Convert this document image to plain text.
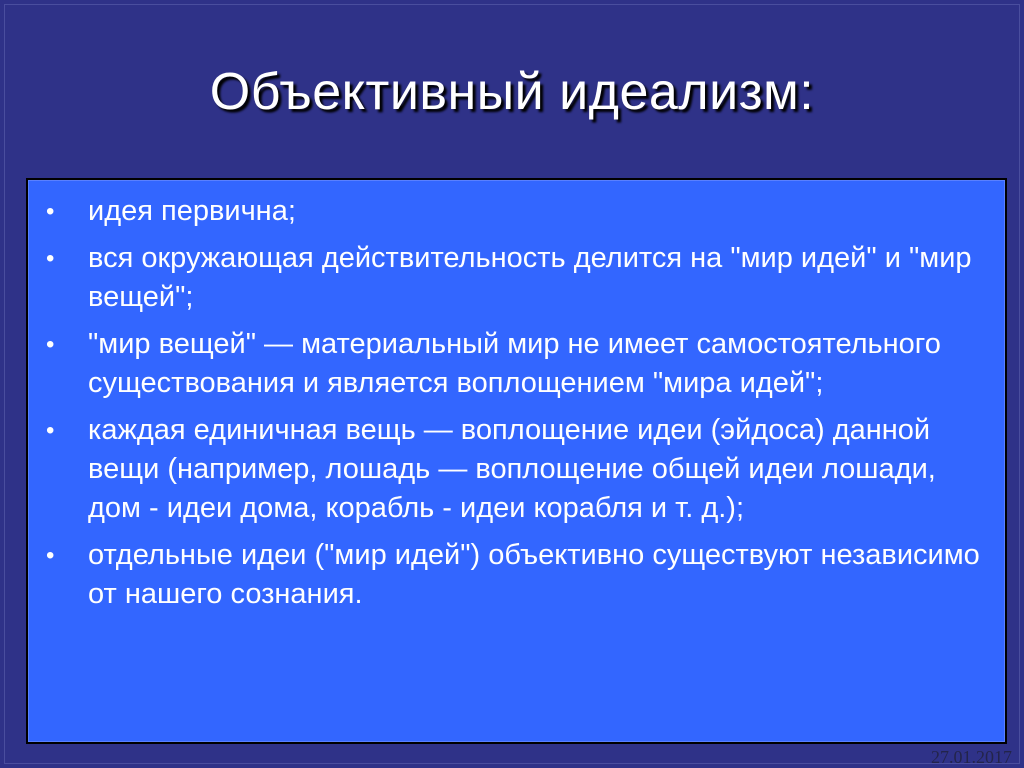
Объективный идеализм:
•	идея первична;
•	вся окружающая действительность делится на "мир идей" и "мир вещей";
•	"мир вещей" — материальный мир не имеет самостоятельного существования и является воплощением "мира идей";
•	каждая единичная вещь — воплощение идеи (эйдоса) данной вещи (например, лошадь — воплощение общей идеи лошади, дом - идеи дома, корабль - идеи корабля и т. д.);
•	отдельные идеи ("мир идей") объективно существуют независимо от нашего сознания.
27.01.2017
